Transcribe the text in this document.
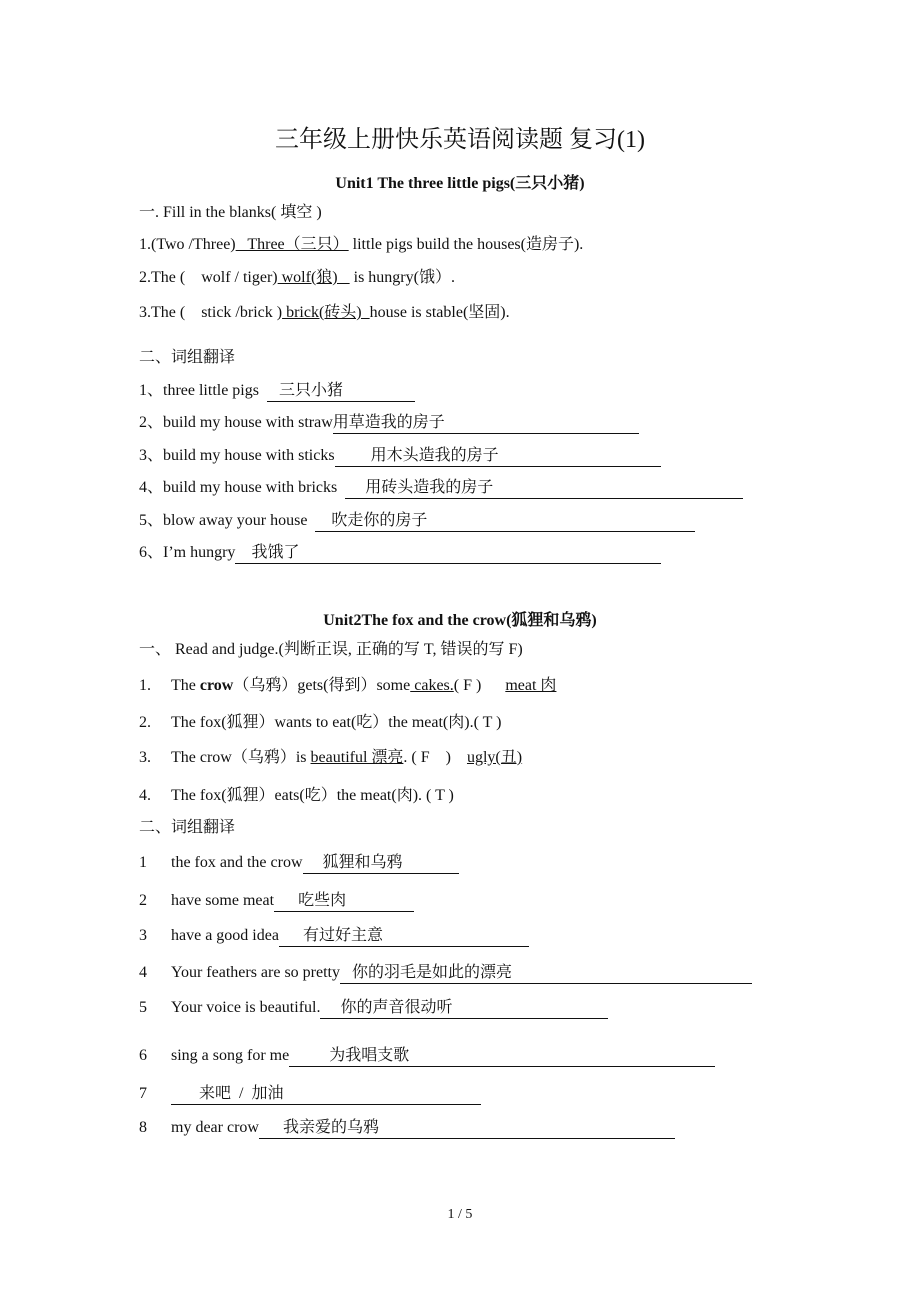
三年级上册快乐英语阅读题 复习(1)
Unit1 The three little pigs(三只小猪)
一. Fill in the blanks( 填空 )
1.(Two /Three)   Three（三只） little pigs build the houses(造房子).
2.The (    wolf / tiger) wolf(狼)    is hungry(饿）.
3.The (    stick /brick ) brick(砖头)  house is stable(坚固).
二、词组翻译
1、three little pigs     三只小猪
2、build my house with straw用草造我的房子
3、build my house with sticks         用木头造我的房子
4、build my house with bricks       用砖头造我的房子
5、blow away your house      吹走你的房子
6、I’m hungry    我饿了
Unit2The fox and the crow(狐狸和乌鸦)
一、 Read and judge.(判断正误, 正确的写 T, 错误的写 F)
1. The crow（乌鸦）gets(得到）some cakes.( F )      meat 肉
2. The fox(狐狸）wants to eat(吃）the meat(肉).( T )
3. The crow（乌鸦）is beautiful 漂亮. ( F    )    ugly(丑)
4. The fox(狐狸）eats(吃）the meat(肉). ( T )
二、词组翻译
1 the fox and the crow     狐狸和乌鸦
2 have some meat      吃些肉
3 have a good idea      有过好主意
4 Your feathers are so pretty   你的羽毛是如此的漂亮
5 Your voice is beautiful.     你的声音很动听
6 sing a song for me          为我唱支歌
7       来吧  /  加油
8 my dear crow      我亲爱的乌鸦
1 / 5
